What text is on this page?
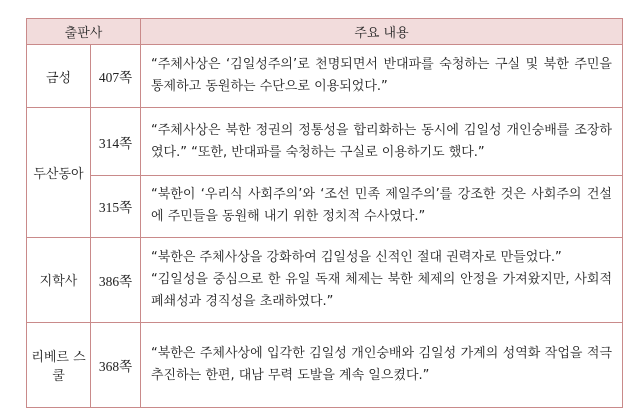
출판사		주요 내용
금성	407쪽	“주체사상은 ‘김일성주의’로 천명되면서 반대파를 숙청하는 구실 및 북한 주민을 통제하고 동원하는 수단으로 이용되었다.”

두산동아	314쪽	“주체사상은 북한 정권의 정통성을 합리화하는 동시에 김일성 개인숭배를 조장하였다.” “또한, 반대파를 숙청하는 구실로 이용하기도 했다.”

	315쪽	“북한이 ‘우리식 사회주의’와 ‘조선 민족 제일주의’를 강조한 것은 사회주의 건설에 주민들을 동원해 내기 위한 정치적 수사였다.”

지학사	386쪽	“북한은 주체사상을 강화하여 김일성을 신적인 절대 권력자로 만들었다.”
“김일성을 중심으로 한 유일 독재 체제는 북한 체제의 안정을 가져왔지만, 사회적 폐쇄성과 경직성을 초래하였다.”

리베르 스쿨	368쪽	“북한은 주체사상에 입각한 김일성 개인숭배와 김일성 가계의 성역화 작업을 적극 추진하는 한편, 대남 무력 도발을 계속 일으켰다.”
